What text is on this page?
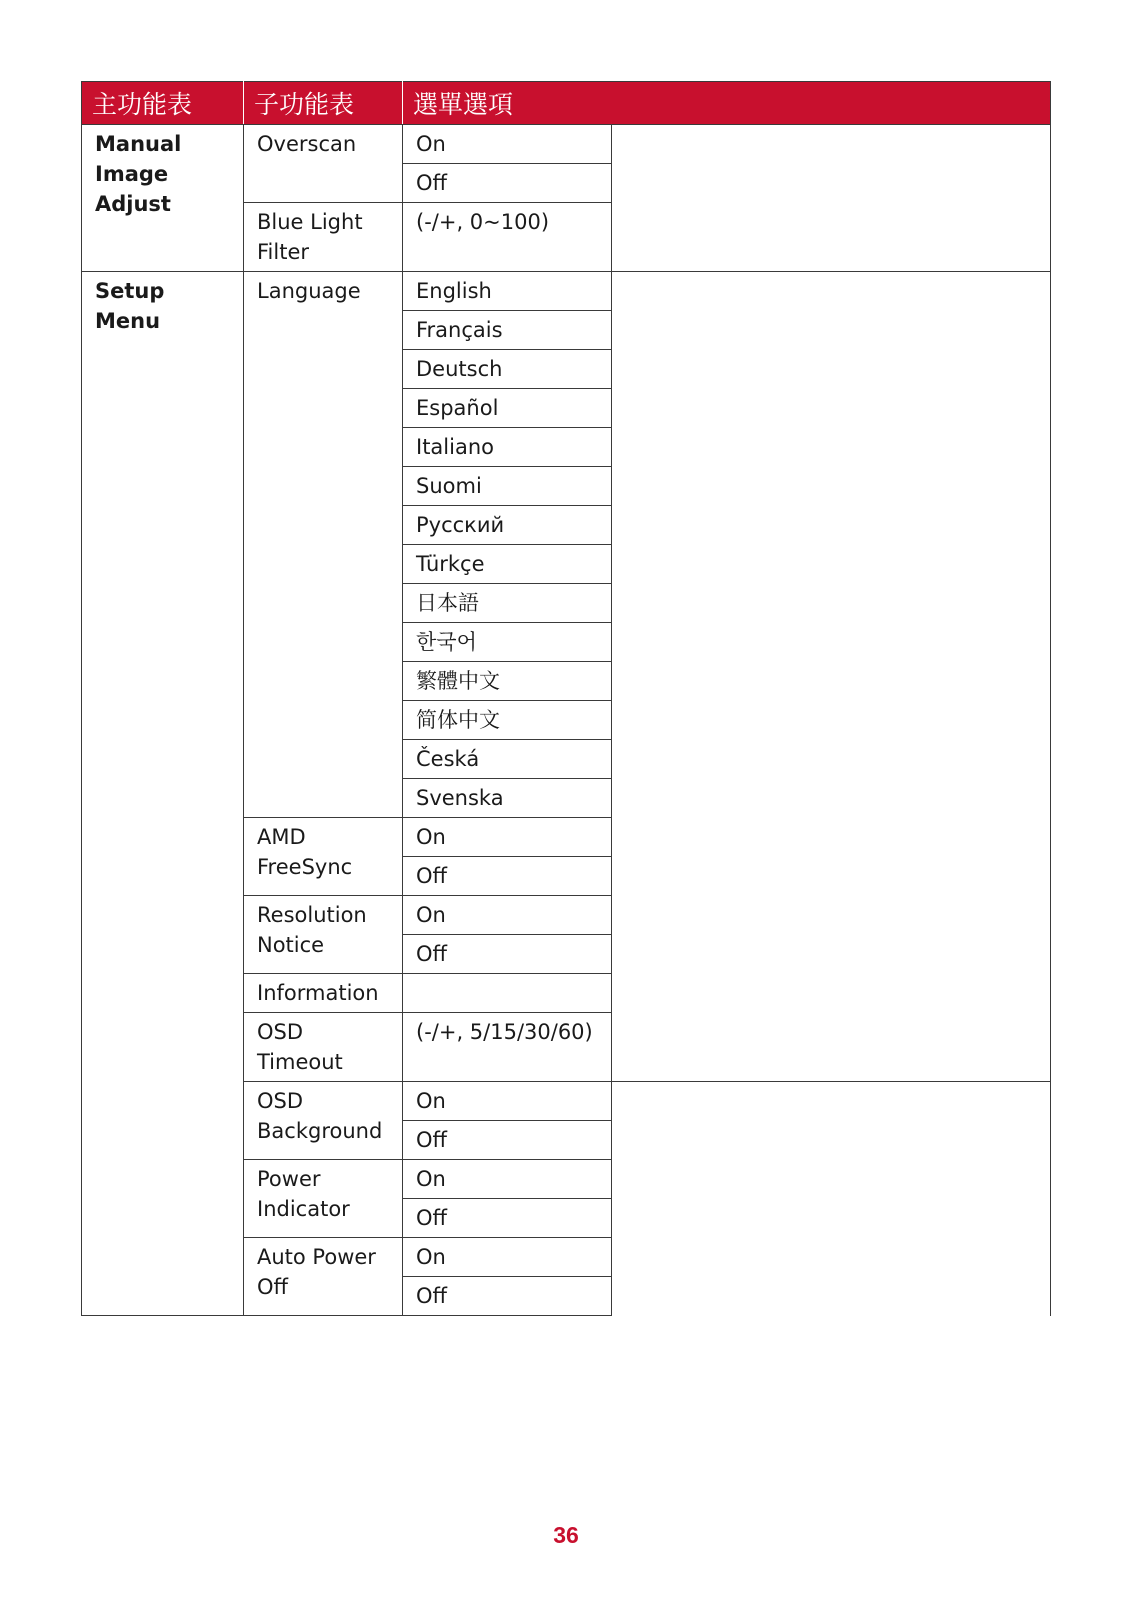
主功能表	子功能表	選單選項		
Manual Image Adjust	Overscan	On		
		Off		
	Blue Light Filter	(-/+, 0~100)		
Setup Menu	Language	English		
		Français		
		Deutsch		
		Español		
		Italiano		
		Suomi		
		Русский		
		Türkçe		
		日本語		
		한국어		
		繁體中文		
		简体中文		
		Česká		
		Svenska		
	AMD FreeSync	On		
		Off		
	Resolution Notice	On		
		Off		
	Information			
	OSD Timeout	(-/+, 5/15/30/60)		
	OSD Background	On		
		Off		
	Power Indicator	On		
		Off		
	Auto Power Off	On		
		Off		
36
